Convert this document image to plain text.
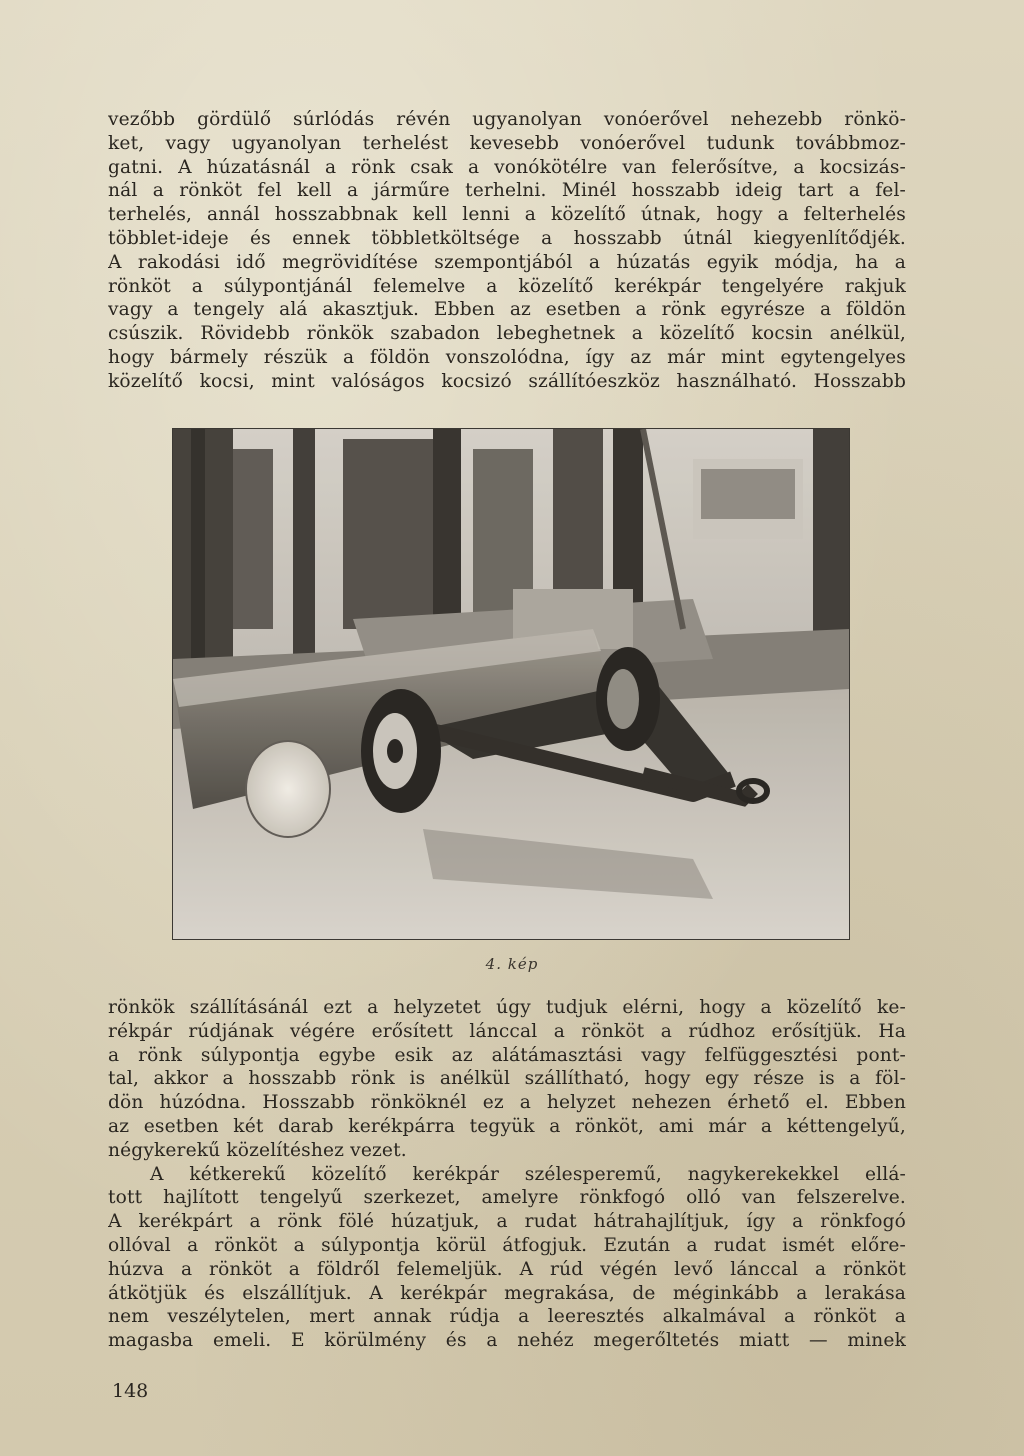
vezőbb gördülő súrlódás révén ugyanolyan vonóerővel nehezebb rönkö-
ket, vagy ugyanolyan terhelést kevesebb vonóerővel tudunk továbbmoz-
gatni. A húzatásnál a rönk csak a vonókötélre van felerősítve, a kocsizás-
nál a rönköt fel kell a járműre terhelni. Minél hosszabb ideig tart a fel-
terhelés, annál hosszabbnak kell lenni a közelítő útnak, hogy a felterhelés
többlet-ideje és ennek többletköltsége a hosszabb útnál kiegyenlítődjék.
A rakodási idő megrövidítése szempontjából a húzatás egyik módja, ha a
rönköt a súlypontjánál felemelve a közelítő kerékpár tengelyére rakjuk
vagy a tengely alá akasztjuk. Ebben az esetben a rönk egyrésze a földön
csúszik. Rövidebb rönkök szabadon lebeghetnek a közelítő kocsin anélkül,
hogy bármely részük a földön vonszolódna, így az már mint egytengelyes
közelítő kocsi, mint valóságos kocsizó szállítóeszköz használható. Hosszabb
4. kép
rönkök szállításánál ezt a helyzetet úgy tudjuk elérni, hogy a közelítő ke-
rékpár rúdjának végére erősített lánccal a rönköt a rúdhoz erősítjük. Ha
a rönk súlypontja egybe esik az alátámasztási vagy felfüggesztési pont-
tal, akkor a hosszabb rönk is anélkül szállítható, hogy egy része is a föl-
dön húzódna. Hosszabb rönköknél ez a helyzet nehezen érhető el. Ebben
az esetben két darab kerékpárra tegyük a rönköt, ami már a kéttengelyű,
négykerekű közelítéshez vezet.
A kétkerekű közelítő kerékpár szélesperemű, nagykerekekkel ellá-
tott hajlított tengelyű szerkezet, amelyre rönkfogó olló van felszerelve.
A kerékpárt a rönk fölé húzatjuk, a rudat hátrahajlítjuk, így a rönkfogó
ollóval a rönköt a súlypontja körül átfogjuk. Ezután a rudat ismét előre-
húzva a rönköt a földről felemeljük. A rúd végén levő lánccal a rönköt
átkötjük és elszállítjuk. A kerékpár megrakása, de méginkább a lerakása
nem veszélytelen, mert annak rúdja a leeresztés alkalmával a rönköt a
magasba emeli. E körülmény és a nehéz megerőltetés miatt — minek
148
